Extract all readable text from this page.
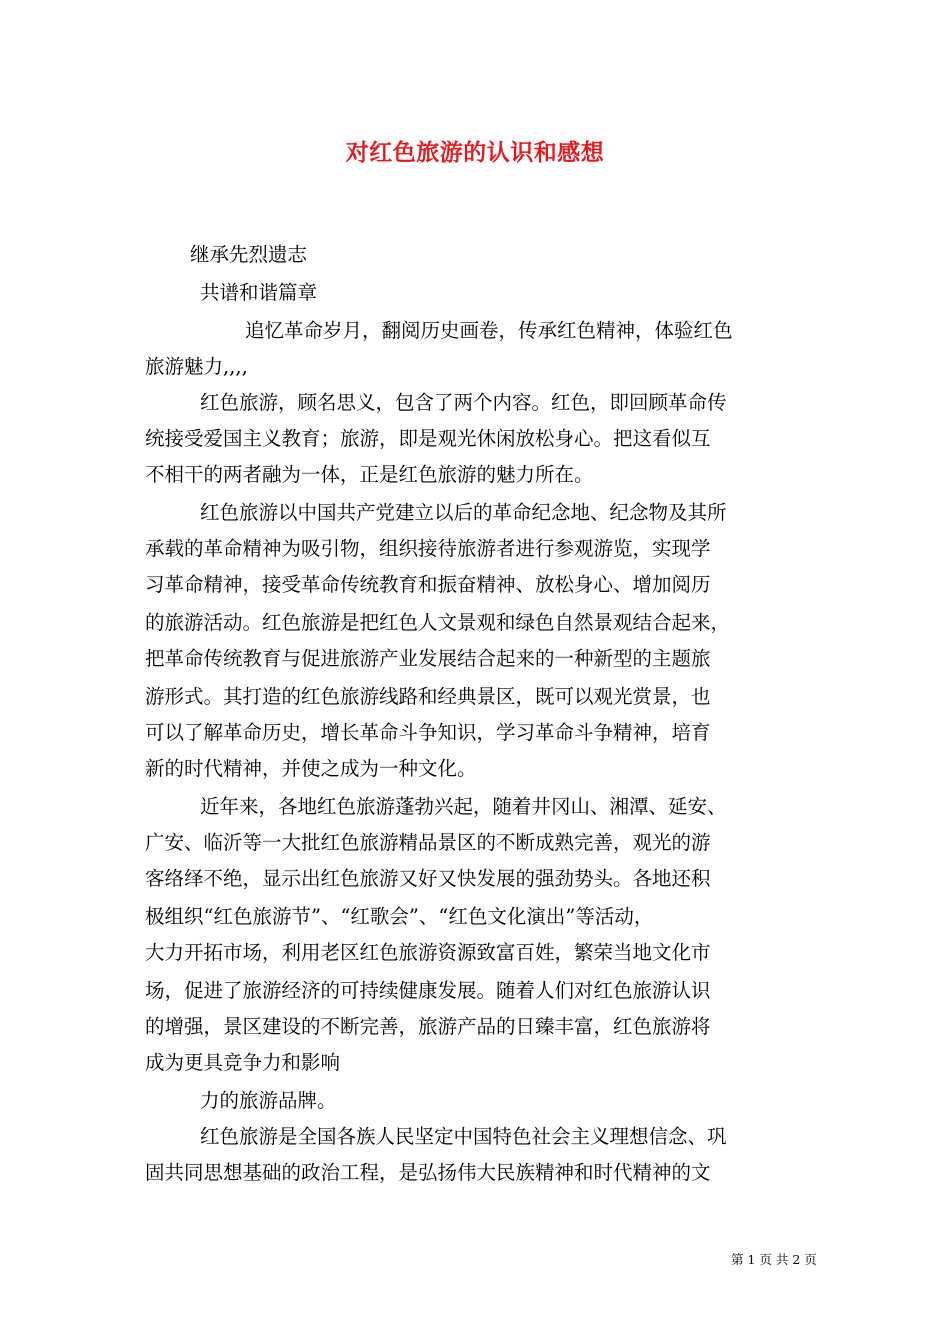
对红色旅游的认识和感想
继承先烈遗志
共谱和谐篇章
追忆革命岁月，翻阅历史画卷，传承红色精神，体验红色
旅游魅力,,,,
红色旅游，顾名思义，包含了两个内容。红色，即回顾革命传
统接受爱国主义教育；旅游，即是观光休闲放松身心。把这看似互
不相干的两者融为一体，正是红色旅游的魅力所在。
红色旅游以中国共产党建立以后的革命纪念地、纪念物及其所
承载的革命精神为吸引物，组织接待旅游者进行参观游览，实现学
习革命精神，接受革命传统教育和振奋精神、放松身心、增加阅历
的旅游活动。红色旅游是把红色人文景观和绿色自然景观结合起来，
把革命传统教育与促进旅游产业发展结合起来的一种新型的主题旅
游形式。其打造的红色旅游线路和经典景区，既可以观光赏景，也
可以了解革命历史，增长革命斗争知识，学习革命斗争精神，培育
新的时代精神，并使之成为一种文化。
近年来，各地红色旅游蓬勃兴起，随着井冈山、湘潭、延安、
广安、临沂等一大批红色旅游精品景区的不断成熟完善，观光的游
客络绎不绝，显示出红色旅游又好又快发展的强劲势头。各地还积
极组织“红色旅游节”、“红歌会”、“红色文化演出”等活动，
大力开拓市场，利用老区红色旅游资源致富百姓，繁荣当地文化市
场，促进了旅游经济的可持续健康发展。随着人们对红色旅游认识
的增强，景区建设的不断完善，旅游产品的日臻丰富，红色旅游将
成为更具竞争力和影响
力的旅游品牌。
红色旅游是全国各族人民坚定中国特色社会主义理想信念、巩
固共同思想基础的政治工程，是弘扬伟大民族精神和时代精神的文
第 1 页 共 2 页
